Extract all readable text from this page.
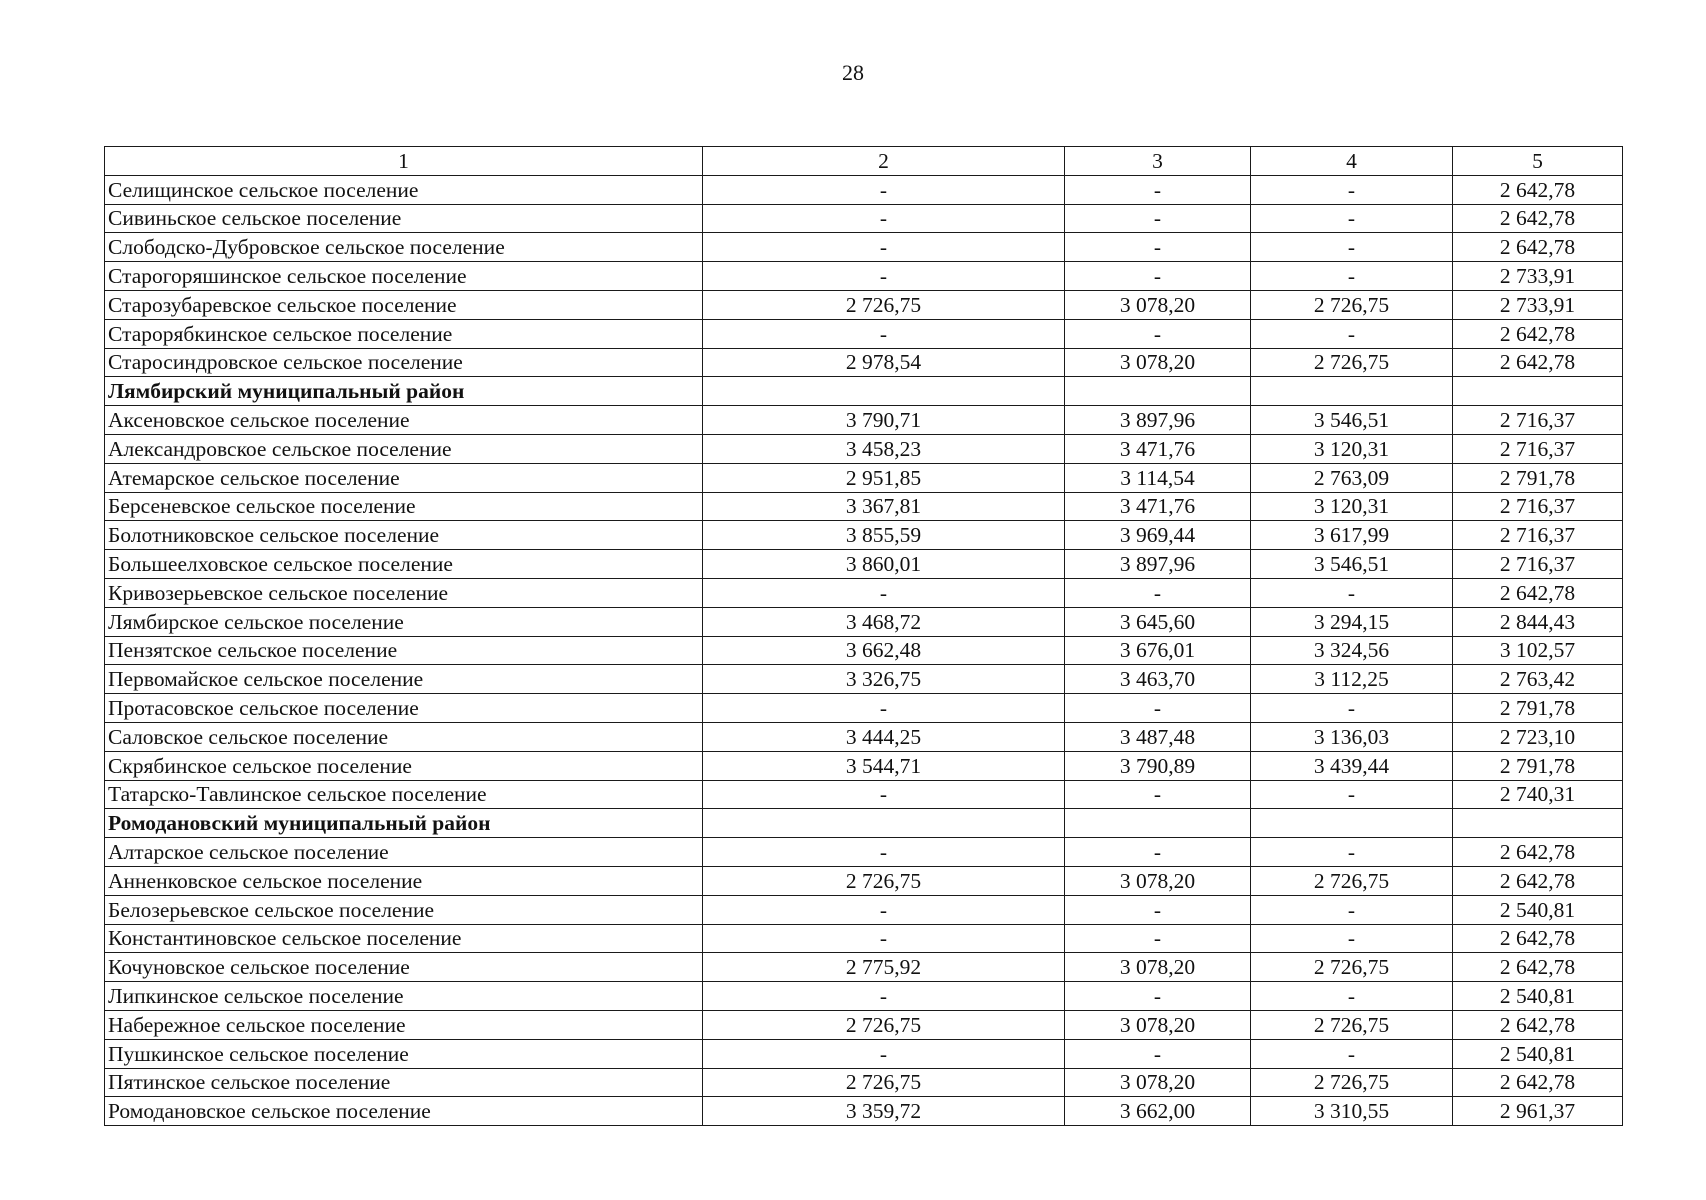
28
1	2	3	4	5
Селищинское сельское поселение	-	-	-	2 642,78
Сивиньское сельское поселение	-	-	-	2 642,78
Слободско-Дубровское сельское поселение	-	-	-	2 642,78
Старогоряшинское сельское поселение	-	-	-	2 733,91
Старозубаревское сельское поселение	2 726,75	3 078,20	2 726,75	2 733,91
Старорябкинское сельское поселение	-	-	-	2 642,78
Старосиндровское сельское поселение	2 978,54	3 078,20	2 726,75	2 642,78
Лямбирский муниципальный район				
Аксеновское сельское поселение	3 790,71	3 897,96	3 546,51	2 716,37
Александровское сельское поселение	3 458,23	3 471,76	3 120,31	2 716,37
Атемарское сельское поселение	2 951,85	3 114,54	2 763,09	2 791,78
Берсеневское сельское поселение	3 367,81	3 471,76	3 120,31	2 716,37
Болотниковское сельское поселение	3 855,59	3 969,44	3 617,99	2 716,37
Большеелховское сельское поселение	3 860,01	3 897,96	3 546,51	2 716,37
Кривозерьевское сельское поселение	-	-	-	2 642,78
Лямбирское сельское поселение	3 468,72	3 645,60	3 294,15	2 844,43
Пензятское сельское поселение	3 662,48	3 676,01	3 324,56	3 102,57
Первомайское сельское поселение	3 326,75	3 463,70	3 112,25	2 763,42
Протасовское сельское поселение	-	-	-	2 791,78
Саловское сельское поселение	3 444,25	3 487,48	3 136,03	2 723,10
Скрябинское сельское поселение	3 544,71	3 790,89	3 439,44	2 791,78
Татарско-Тавлинское сельское поселение	-	-	-	2 740,31
Ромодановский муниципальный район				
Алтарское сельское поселение	-	-	-	2 642,78
Анненковское сельское поселение	2 726,75	3 078,20	2 726,75	2 642,78
Белозерьевское сельское поселение	-	-	-	2 540,81
Константиновское сельское поселение	-	-	-	2 642,78
Кочуновское сельское поселение	2 775,92	3 078,20	2 726,75	2 642,78
Липкинское сельское поселение	-	-	-	2 540,81
Набережное сельское поселение	2 726,75	3 078,20	2 726,75	2 642,78
Пушкинское сельское поселение	-	-	-	2 540,81
Пятинское сельское поселение	2 726,75	3 078,20	2 726,75	2 642,78
Ромодановское сельское поселение	3 359,72	3 662,00	3 310,55	2 961,37
